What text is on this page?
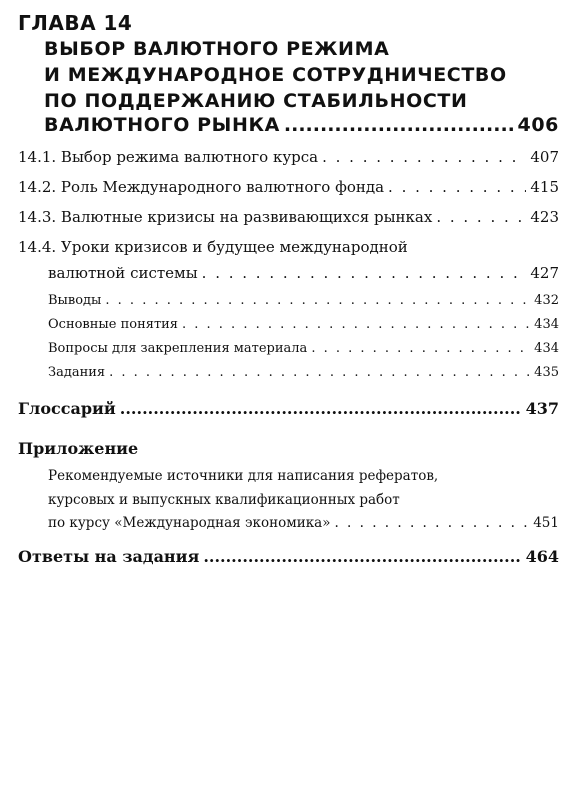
ГЛАВА 14
ВЫБОР ВАЛЮТНОГО РЕЖИМА
И МЕЖДУНАРОДНОЕ СОТРУДНИЧЕСТВО
ПО ПОДДЕРЖАНИЮ СТАБИЛЬНОСТИ
ВАЛЮТНОГО РЫНКА .....	406
14.1. Выбор режима валютного курса . . .	407
14.2. Роль Международного валютного фонда . . .	415
14.3. Валютные кризисы на развивающихся рынках . . .	423
14.4. Уроки кризисов и будущее международной
валютной системы . . .	427
Выводы . . .	432
Основные понятия . . .	434
Вопросы для закрепления материала . . .	434
Задания . . .	435
Глоссарий .....	437
Приложение
Рекомендуемые источники для написания рефератов,
курсовых и выпускных квалификационных работ
по курсу «Международная экономика» . . .	451
Ответы на задания .....	464
